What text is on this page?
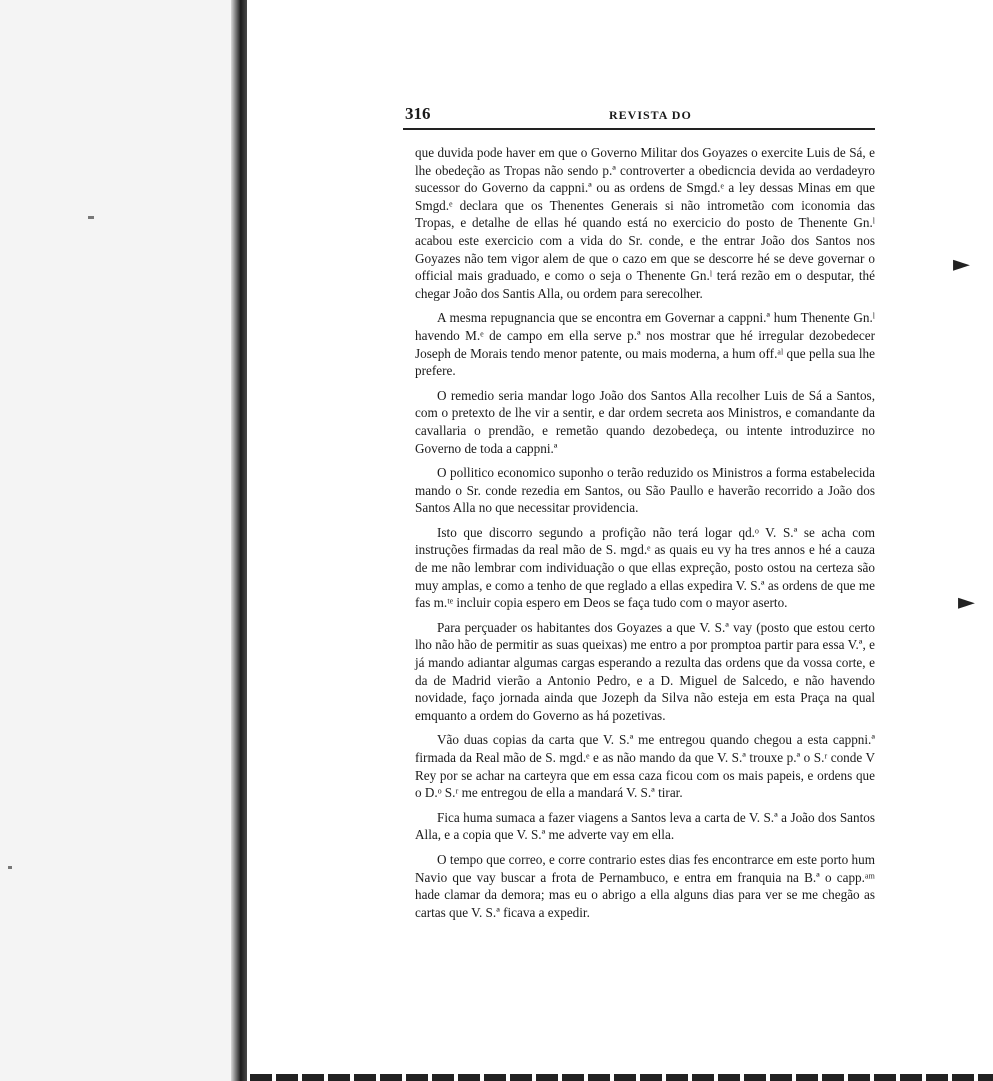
►
►
316	REVISTA DO

que duvida pode haver em que o Governo Militar dos Goyazes o exercite Luis de Sá, e lhe obedeção as Tropas não sendo p.ª controverter a obedicncia devida ao verdadeyro sucessor do Governo da cappni.ª ou as ordens de Smgd.ᵉ a ley dessas Minas em que Smgd.ᵉ declara que os Thenentes Generais si não intrometão com iconomia das Tropas, e detalhe de ellas hé quando está no exercicio do posto de Thenente Gn.ˡ acabou este exercicio com a vida do Sr. conde, e the entrar João dos Santos nos Goyazes não tem vigor alem de que o cazo em que se descorre hé se deve governar o official mais graduado, e como o seja o Thenente Gn.ˡ terá rezão em o desputar, thé chegar João dos Santis Alla, ou ordem para serecolher.

A mesma repugnancia que se encontra em Governar a cappni.ª hum Thenente Gn.ˡ havendo M.ᵉ de campo em ella serve p.ª nos mostrar que hé irregular dezobedecer Joseph de Morais tendo menor patente, ou mais moderna, a hum off.ᵃˡ que pella sua lhe prefere.

O remedio seria mandar logo João dos Santos Alla recolher Luis de Sá a Santos, com o pretexto de lhe vir a sentir, e dar ordem secreta aos Ministros, e comandante da cavallaria o prendão, e remetão quando dezobedeça, ou intente introduzirce no Governo de toda a cappni.ª

O pollitico economico suponho o terão reduzido os Ministros a forma estabelecida mando o Sr. conde rezedia em Santos, ou São Paullo e haverão recorrido a João dos Santos Alla no que necessitar providencia.

Isto que discorro segundo a profição não terá logar qd.ᵒ V. S.ª se acha com instruções firmadas da real mão de S. mgd.ᵉ as quais eu vy ha tres annos e hé a cauza de me não lembrar com individuação o que ellas expreção, posto ostou na certeza são muy amplas, e como a tenho de que reglado a ellas expedira V. S.ª as ordens de que me fas m.ᵗᵉ incluir copia espero em Deos se faça tudo com o mayor aserto.

Para perçuader os habitantes dos Goyazes a que V. S.ª vay (posto que estou certo lho não hão de permitir as suas queixas) me entro a por promptoa partir para essa V.ª, e já mando adiantar algumas cargas esperando a rezulta das ordens que da vossa corte, e da de Madrid vierão a Antonio Pedro, e a D. Miguel de Salcedo, e não havendo novidade, faço jornada ainda que Jozeph da Silva não esteja em esta Praça na qual emquanto a ordem do Governo as há pozetivas.

Vão duas copias da carta que V. S.ª me entregou quando chegou a esta cappni.ª firmada da Real mão de S. mgd.ᵉ e as não mando da que V. S.ª trouxe p.ª o S.ʳ conde V Rey por se achar na carteyra que em essa caza ficou com os mais papeis, e ordens que o D.ᵒ S.ʳ me entregou de ella a mandará V. S.ª tirar.

Fica huma sumaca a fazer viagens a Santos leva a carta de V. S.ª a João dos Santos Alla, e a copia que V. S.ª me adverte vay em ella.

O tempo que correo, e corre contrario estes dias fes encontrarce em este porto hum Navio que vay buscar a frota de Pernambuco, e entra em franquia na B.ª o capp.ᵃᵐ hade clamar da demora; mas eu o abrigo a ella alguns dias para ver se me chegão as cartas que V. S.ª ficava a expedir.
